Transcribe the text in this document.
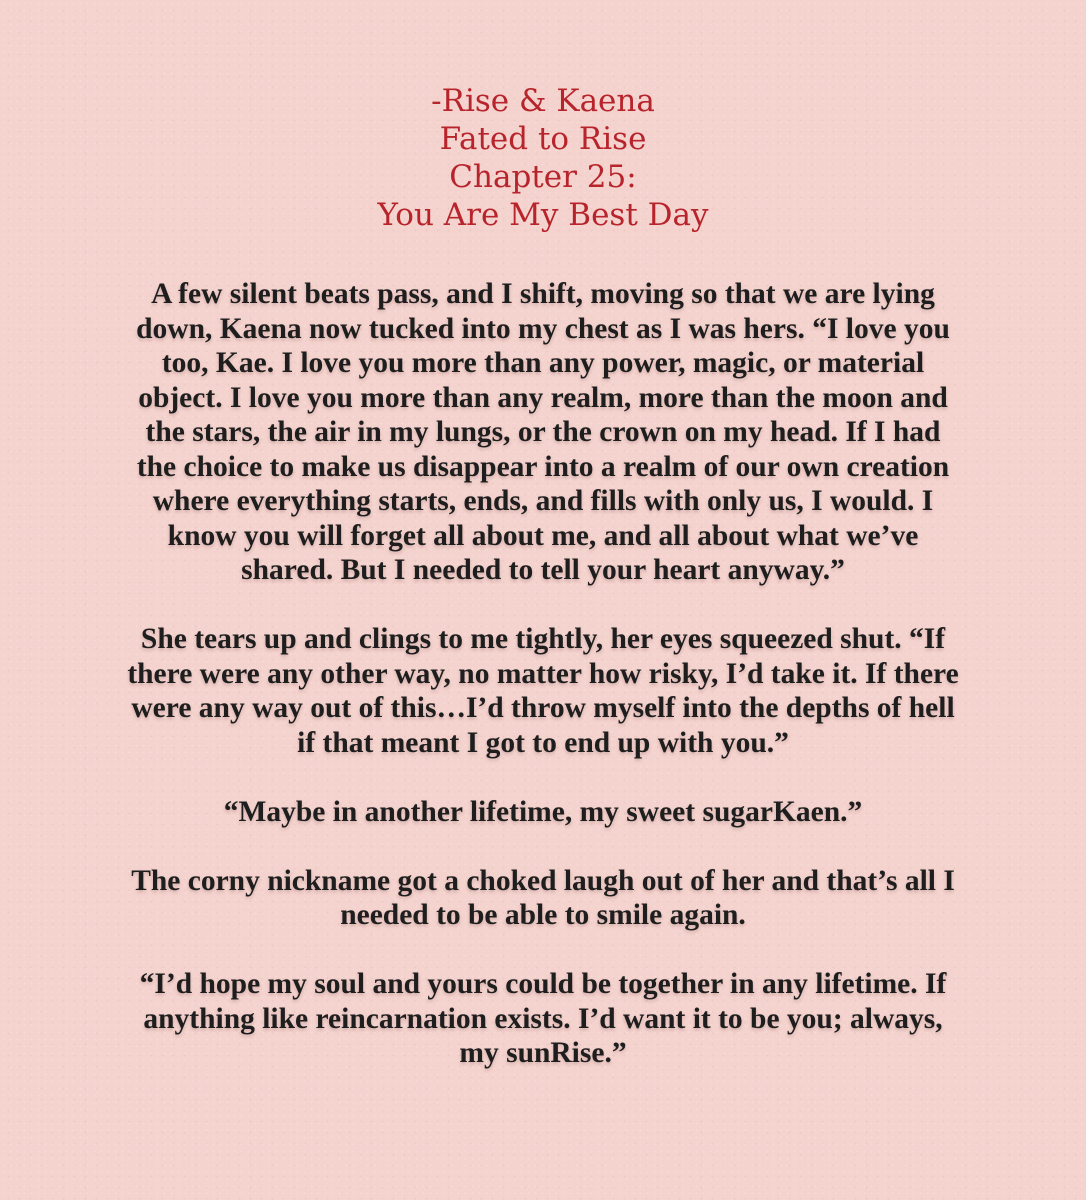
-Rise & Kaena
Fated to Rise
Chapter 25:
You Are My Best Day

A few silent beats pass, and I shift, moving so that we are lying
down, Kaena now tucked into my chest as I was hers. “I love you
too, Kae. I love you more than any power, magic, or material
object. I love you more than any realm, more than the moon and
the stars, the air in my lungs, or the crown on my head. If I had
the choice to make us disappear into a realm of our own creation
where everything starts, ends, and fills with only us, I would. I
know you will forget all about me, and all about what we’ve
shared. But I needed to tell your heart anyway.”

She tears up and clings to me tightly, her eyes squeezed shut. “If
there were any other way, no matter how risky, I’d take it. If there
were any way out of this…I’d throw myself into the depths of hell
if that meant I got to end up with you.”

“Maybe in another lifetime, my sweet sugarKaen.”

The corny nickname got a choked laugh out of her and that’s all I
needed to be able to smile again.

“I’d hope my soul and yours could be together in any lifetime. If
anything like reincarnation exists. I’d want it to be you; always,
my sunRise.”
